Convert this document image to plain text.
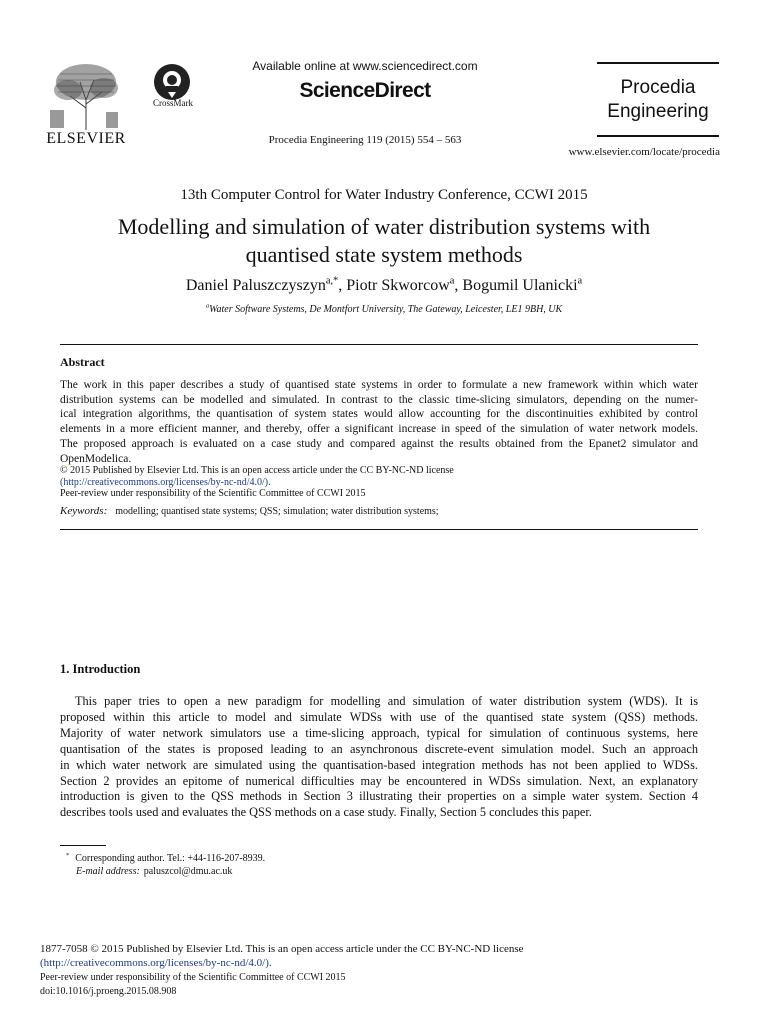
ELSEVIER
CrossMark
Available online at www.sciencedirect.com
ScienceDirect
Procedia Engineering 119 (2015) 554 – 563
Procedia
Engineering
www.elsevier.com/locate/procedia
13th Computer Control for Water Industry Conference, CCWI 2015
Modelling and simulation of water distribution systems with
quantised state system methods
Daniel Paluszczyszyn$^{a,*}$, Piotr Skworcow$^a$, Bogumil Ulanicki$^a$
$^a$Water Software Systems, De Montfort University, The Gateway, Leicester, LE1 9BH, UK
Abstract

The work in this paper describes a study of quantised state systems in order to formulate a new framework within which water

distribution systems can be modelled and simulated. In contrast to the classic time-slicing simulators, depending on the numer-

ical integration algorithms, the quantisation of system states would allow accounting for the discontinuities exhibited by control

elements in a more efficient manner, and thereby, offer a significant increase in speed of the simulation of water network models.

The proposed approach is evaluated on a case study and compared against the results obtained from the Epanet2 simulator and

OpenModelica.

© 2015 Published by Elsevier Ltd. This is an open access article under the CC BY-NC-ND license
(http://creativecommons.org/licenses/by-nc-nd/4.0/).
Peer-review under responsibility of the Scientific Committee of CCWI 2015
Keywords: modelling; quantised state systems; QSS; simulation; water distribution systems;
1. Introduction

This paper tries to open a new paradigm for modelling and simulation of water distribution system (WDS). It is

proposed within this article to model and simulate WDSs with use of the quantised state system (QSS) methods.

Majority of water network simulators use a time-slicing approach, typical for simulation of continuous systems, here

quantisation of the states is proposed leading to an asynchronous discrete-event simulation model. Such an approach

in which water network are simulated using the quantisation-based integration methods has not been applied to WDSs.

Section 2 provides an epitome of numerical difficulties may be encountered in WDSs simulation. Next, an explanatory

introduction is given to the QSS methods in Section 3 illustrating their properties on a simple water system. Section 4

describes tools used and evaluates the QSS methods on a case study. Finally, Section 5 concludes this paper.

* Corresponding author. Tel.: +44-116-207-8939.
E-mail address: paluszcol@dmu.ac.uk
1877-7058 © 2015 Published by Elsevier Ltd. This is an open access article under the CC BY-NC-ND license
(http://creativecommons.org/licenses/by-nc-nd/4.0/).
Peer-review under responsibility of the Scientific Committee of CCWI 2015
doi:10.1016/j.proeng.2015.08.908
